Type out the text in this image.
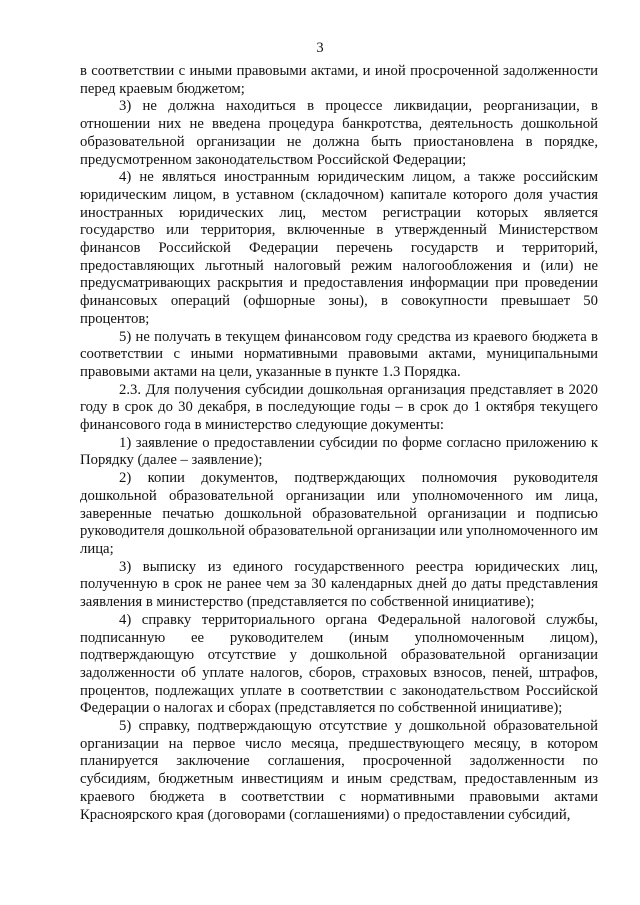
3

в соответствии с иными правовыми актами, и иной просроченной задолженности перед краевым бюджетом;

3) не должна находиться в процессе ликвидации, реорганизации, в отношении них не введена процедура банкротства, деятельность дошкольной образовательной организации не должна быть приостановлена в порядке, предусмотренном законодательством Российской Федерации;

4) не являться иностранным юридическим лицом, а также российским юридическим лицом, в уставном (складочном) капитале которого доля участия иностранных юридических лиц, местом регистрации которых является государство или территория, включенные в утвержденный Министерством финансов Российской Федерации перечень государств и территорий, предоставляющих льготный налоговый режим налогообложения и (или) не предусматривающих раскрытия и предоставления информации при проведении финансовых операций (офшорные зоны), в совокупности превышает 50 процентов;

5) не получать в текущем финансовом году средства из краевого бюджета в соответствии с иными нормативными правовыми актами, муниципальными правовыми актами на цели, указанные в пункте 1.3 Порядка.

2.3. Для получения субсидии дошкольная организация представляет в 2020 году в срок до 30 декабря, в последующие годы – в срок до 1 октября текущего финансового года в министерство следующие документы:

1) заявление о предоставлении субсидии по форме согласно приложению к Порядку (далее – заявление);

2) копии документов, подтверждающих полномочия руководителя дошкольной образовательной организации или уполномоченного им лица, заверенные печатью дошкольной образовательной организации и подписью руководителя дошкольной образовательной организации или уполномоченного им лица;

3) выписку из единого государственного реестра юридических лиц, полученную в срок не ранее чем за 30 календарных дней до даты представления заявления в министерство (представляется по собственной инициативе);

4) справку территориального органа Федеральной налоговой службы, подписанную ее руководителем (иным уполномоченным лицом), подтверждающую отсутствие у дошкольной образовательной организации задолженности об уплате налогов, сборов, страховых взносов, пеней, штрафов, процентов, подлежащих уплате в соответствии с законодательством Российской Федерации о налогах и сборах (представляется по собственной инициативе);

5) справку, подтверждающую отсутствие у дошкольной образовательной организации на первое число месяца, предшествующего месяцу, в котором планируется заключение соглашения, просроченной задолженности по субсидиям, бюджетным инвестициям и иным средствам, предоставленным из краевого бюджета в соответствии с нормативными правовыми актами Красноярского края (договорами (соглашениями) о предоставлении субсидий,
